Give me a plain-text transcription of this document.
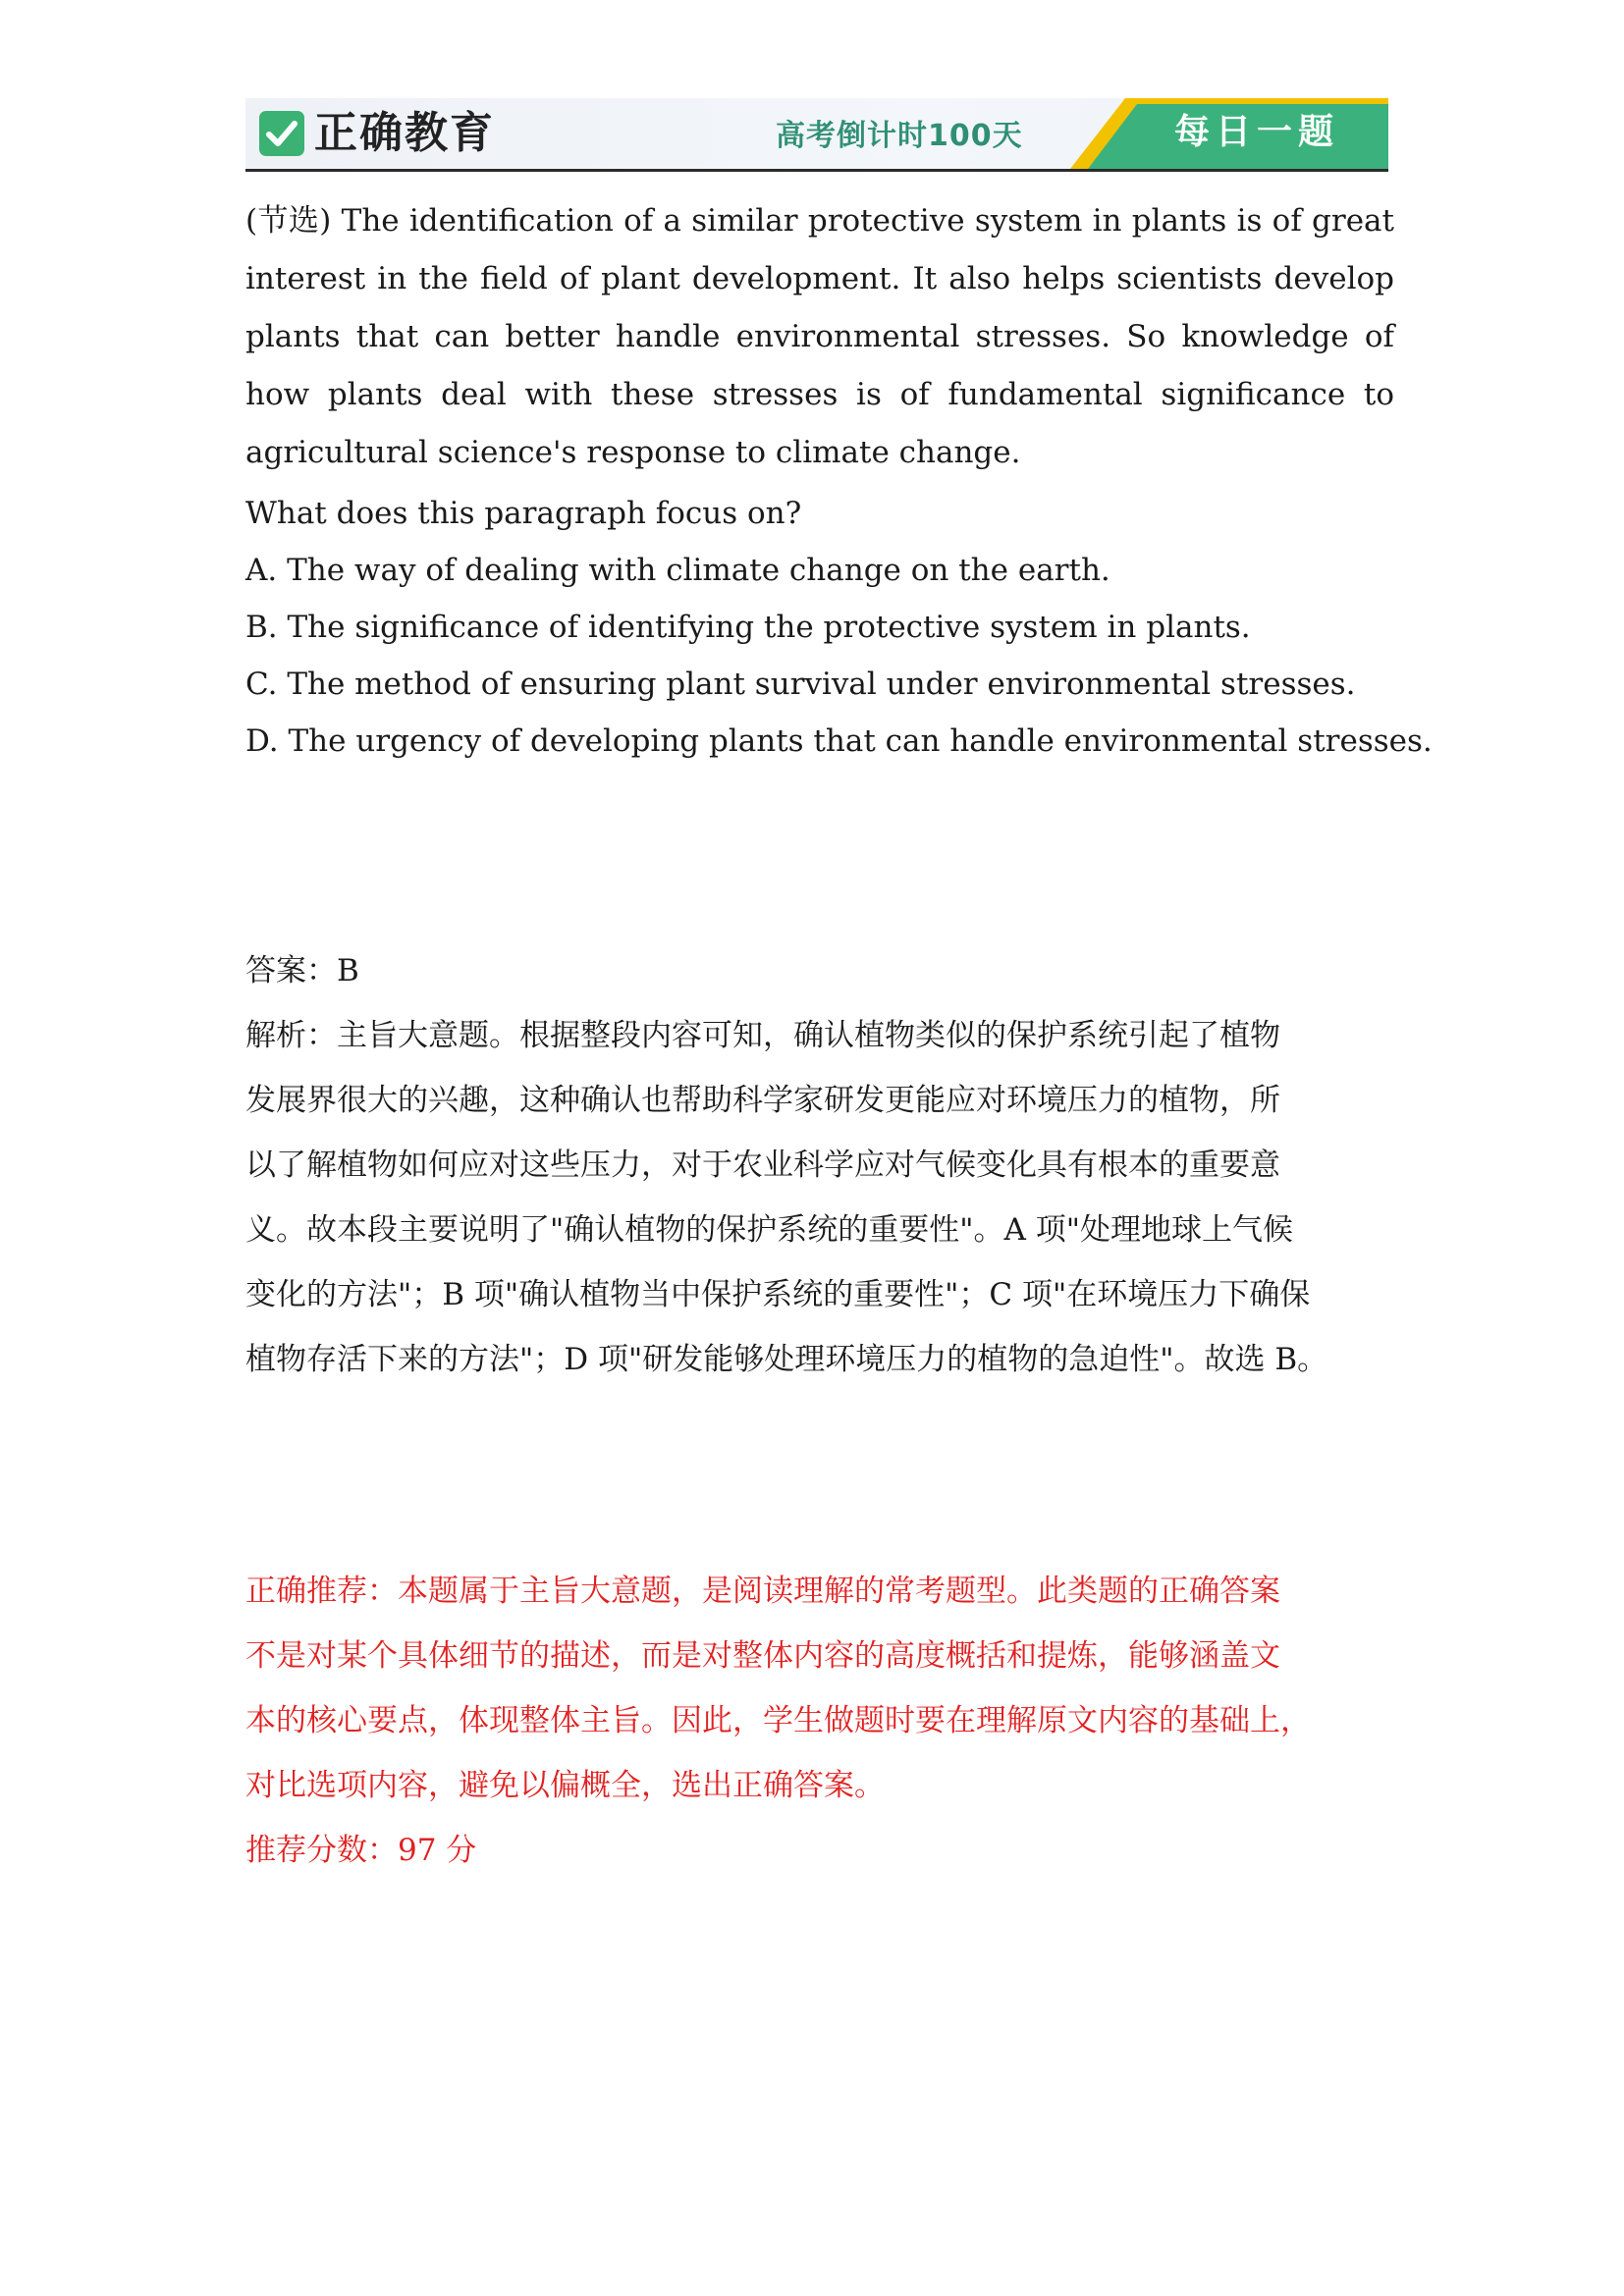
正确教育	高考倒计时100天	每日一题
(节选) The identification of a similar protective system in plants is of great interest in the field of plant development. It also helps scientists develop plants that can better handle environmental stresses. So knowledge of how plants deal with these stresses is of fundamental significance to agricultural science's response to climate change.
What does this paragraph focus on?
A. The way of dealing with climate change on the earth.
B. The significance of identifying the protective system in plants.
C. The method of ensuring plant survival under environmental stresses.
D. The urgency of developing plants that can handle environmental stresses.
答案：B
解析：主旨大意题。根据整段内容可知，确认植物类似的保护系统引起了植物
发展界很大的兴趣，这种确认也帮助科学家研发更能应对环境压力的植物，所
以了解植物如何应对这些压力，对于农业科学应对气候变化具有根本的重要意
义。故本段主要说明了"确认植物的保护系统的重要性"。A 项"处理地球上气候
变化的方法"；B 项"确认植物当中保护系统的重要性"；C 项"在环境压力下确保
植物存活下来的方法"；D 项"研发能够处理环境压力的植物的急迫性"。故选 B。
正确推荐：本题属于主旨大意题，是阅读理解的常考题型。此类题的正确答案
不是对某个具体细节的描述，而是对整体内容的高度概括和提炼，能够涵盖文
本的核心要点，体现整体主旨。因此，学生做题时要在理解原文内容的基础上，
对比选项内容，避免以偏概全，选出正确答案。
推荐分数：97 分
